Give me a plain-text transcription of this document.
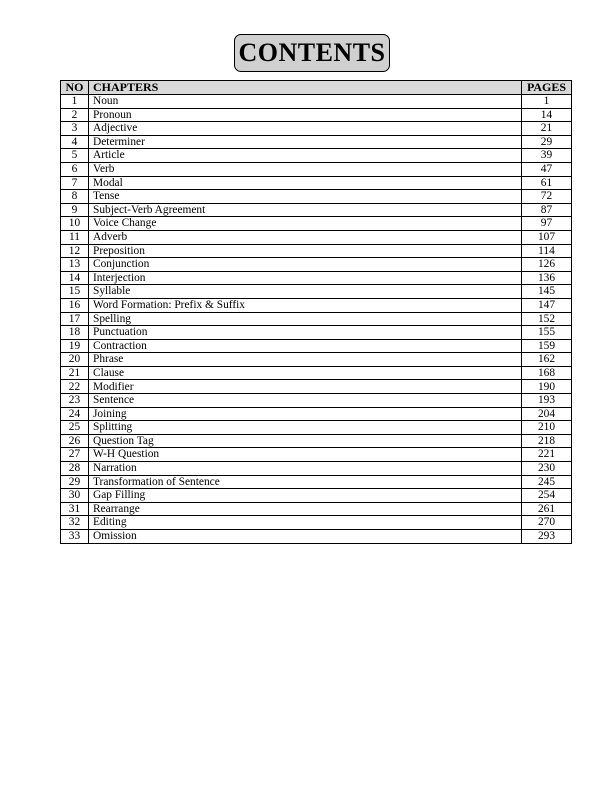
CONTENTS
NO	CHAPTERS	PAGES
1	Noun	1
2	Pronoun	14
3	Adjective	21
4	Determiner	29
5	Article	39
6	Verb	47
7	Modal	61
8	Tense	72
9	Subject-Verb Agreement	87
10	Voice Change	97
11	Adverb	107
12	Preposition	114
13	Conjunction	126
14	Interjection	136
15	Syllable	145
16	Word Formation: Prefix & Suffix	147
17	Spelling	152
18	Punctuation	155
19	Contraction	159
20	Phrase	162
21	Clause	168
22	Modifier	190
23	Sentence	193
24	Joining	204
25	Splitting	210
26	Question Tag	218
27	W-H Question	221
28	Narration	230
29	Transformation of Sentence	245
30	Gap Filling	254
31	Rearrange	261
32	Editing	270
33	Omission	293
